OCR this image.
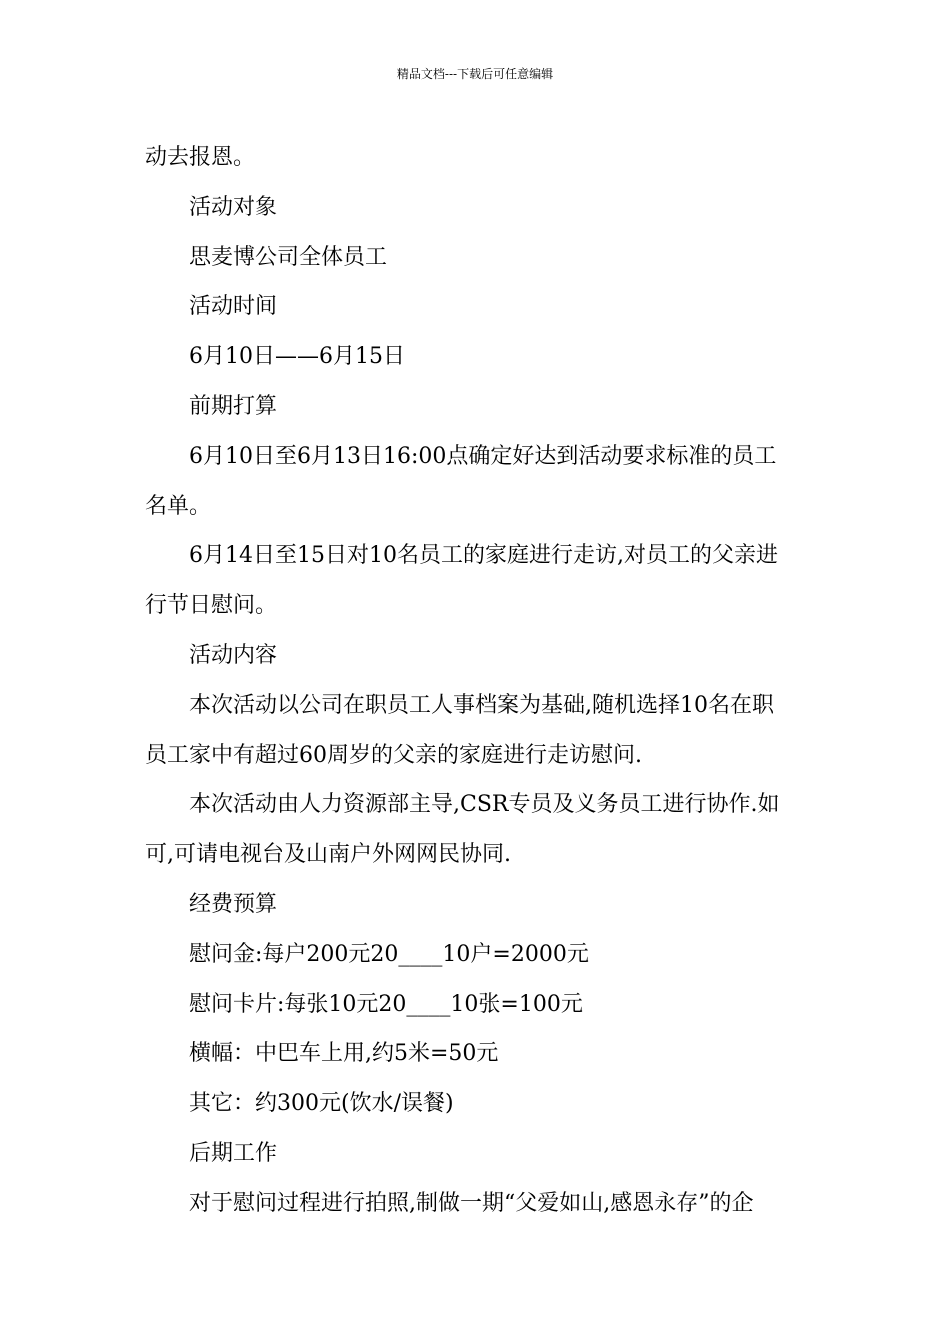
精品文档---下载后可任意编辑

动去报恩。

活动对象

思麦博公司全体员工

活动时间

6月10日——6月15日

前期打算

6月10日至6月13日16:00点确定好达到活动要求标准的员工

名单。

6月14日至15日对10名员工的家庭进行走访,对员工的父亲进

行节日慰问。

活动内容

本次活动以公司在职员工人事档案为基础,随机选择10名在职

员工家中有超过60周岁的父亲的家庭进行走访慰问.

本次活动由人力资源部主导,CSR专员及义务员工进行协作.如

可,可请电视台及山南户外网网民协同.

经费预算

慰问金:每户200元20____10户=2000元

慰问卡片:每张10元20____10张=100元

横幅：中巴车上用,约5米=50元

其它：约300元(饮水/误餐)

后期工作

对于慰问过程进行拍照,制做一期“父爱如山,感恩永存”的企
